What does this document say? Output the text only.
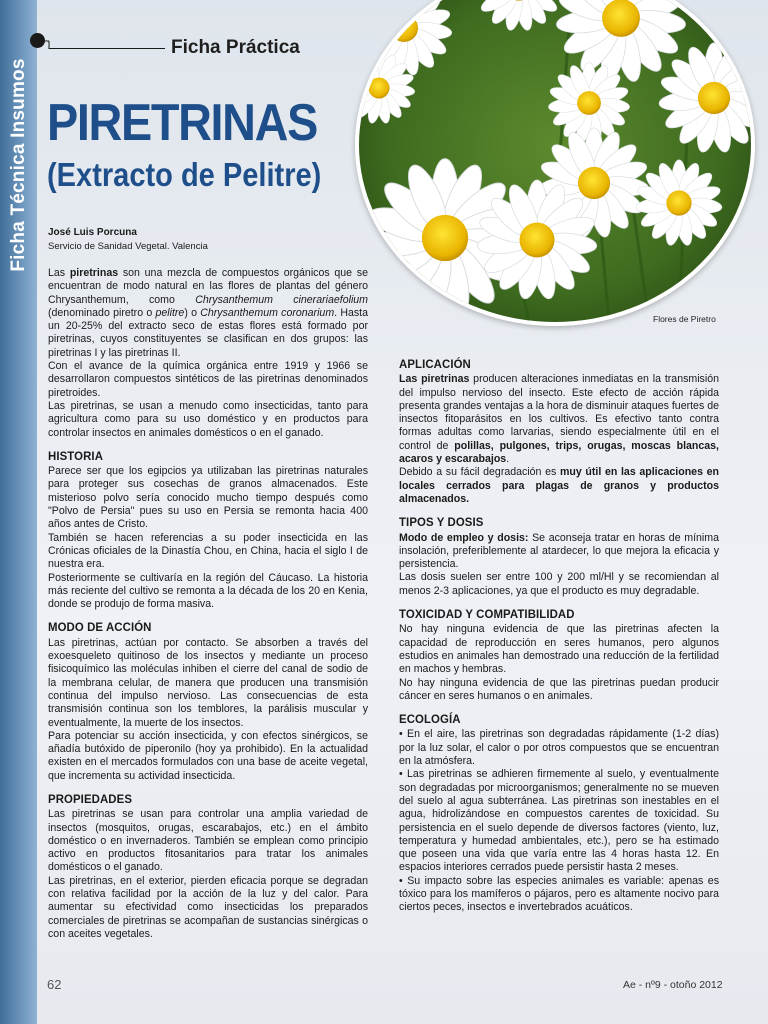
Ficha Técnica Insumos
Ficha Práctica
PIRETRINAS
(Extracto de Pelitre)
José Luis Porcuna
Servicio de Sanidad Vegetal. Valencia
Flores de Piretro

Las piretrinas son una mezcla de compuestos orgánicos que se encuentran de modo natural en las flores de plantas del género Chrysanthemum, como Chrysanthemum cinerariaefolium (denominado piretro o pelitre) o Chrysanthemum coronarium. Hasta un 20-25% del extracto seco de estas flores está formado por piretrinas, cuyos constituyentes se clasifican en dos grupos: las piretrinas I y las piretrinas II.

Con el avance de la química orgánica entre 1919 y 1966 se desarrollaron compuestos sintéticos de las piretrinas denominados piretroides.

Las piretrinas, se usan a menudo como insecticidas, tanto para agricultura como para su uso doméstico y en productos para controlar insectos en animales domésticos o en el ganado.

HISTORIA

Parece ser que los egipcios ya utilizaban las piretrinas naturales para proteger sus cosechas de granos almacenados. Este misterioso polvo sería conocido mucho tiempo después como "Polvo de Persia" pues su uso en Persia se remonta hacia 400 años antes de Cristo.

También se hacen referencias a su poder insecticida en las Crónicas oficiales de la Dinastía Chou, en China, hacia el siglo I de nuestra era.

Posteriormente se cultivaría en la región del Cáucaso. La historia más reciente del cultivo se remonta a la década de los 20 en Kenia, donde se produjo de forma masiva.

MODO DE ACCIÓN

Las piretrinas, actúan por contacto. Se absorben a través del exoesqueleto quitinoso de los insectos y mediante un proceso fisicoquímico las moléculas inhiben el cierre del canal de sodio de la membrana celular, de manera que producen una transmisión continua del impulso nervioso. Las consecuencias de esta transmisión continua son los temblores, la parálisis muscular y eventualmente, la muerte de los insectos.

Para potenciar su acción insecticida, y con efectos sinérgicos, se añadía butóxido de piperonilo (hoy ya prohibido). En la actualidad existen en el mercados formulados con una base de aceite vegetal, que incrementa su actividad insecticida.

PROPIEDADES

Las piretrinas se usan para controlar una amplia variedad de insectos (mosquitos, orugas, escarabajos, etc.) en el ámbito doméstico o en invernaderos. También se emplean como principio activo en productos fitosanitarios para tratar los animales domésticos o el ganado.

Las piretrinas, en el exterior, pierden eficacia porque se degradan con relativa facilidad por la acción de la luz y del calor. Para aumentar su efectividad como insecticidas los preparados comerciales de piretrinas se acompañan de sustancias sinérgicas o con aceites vegetales.

APLICACIÓN

Las piretrinas producen alteraciones inmediatas en la transmisión del impulso nervioso del insecto. Este efecto de acción rápida presenta grandes ventajas a la hora de disminuir ataques fuertes de insectos fitoparásitos en los cultivos. Es efectivo tanto contra formas adultas como larvarias, siendo especialmente útil en el control de polillas, pulgones, trips, orugas, moscas blancas, acaros y escarabajos.

Debido a su fácil degradación es muy útil en las aplicaciones en locales cerrados para plagas de granos y productos almacenados.

TIPOS Y DOSIS

Modo de empleo y dosis: Se aconseja tratar en horas de mínima insolación, preferiblemente al atardecer, lo que mejora la eficacia y persistencia.

Las dosis suelen ser entre 100 y 200 ml/Hl y se recomiendan al menos 2-3 aplicaciones, ya que el producto es muy degradable.

TOXICIDAD Y COMPATIBILIDAD

No hay ninguna evidencia de que las piretrinas afecten la capacidad de reproducción en seres humanos, pero algunos estudios en animales han demostrado una reducción de la fertilidad en machos y hembras.

No hay ninguna evidencia de que las piretrinas puedan producir cáncer en seres humanos o en animales.

ECOLOGÍA

• En el aire, las piretrinas son degradadas rápidamente (1-2 días) por la luz solar, el calor o por otros compuestos que se encuentran en la atmósfera.

• Las piretrinas se adhieren firmemente al suelo, y eventualmente son degradadas por microorganismos; generalmente no se mueven del suelo al agua subterránea. Las piretrinas son inestables en el agua, hidrolizándose en compuestos carentes de toxicidad. Su persistencia en el suelo depende de diversos factores (viento, luz, temperatura y humedad ambientales, etc.), pero se ha estimado que poseen una vida que varía entre las 4 horas hasta 12. En espacios interiores cerrados puede persistir hasta 2 meses.

• Su impacto sobre las especies animales es variable: apenas es tóxico para los mamíferos o pájaros, pero es altamente nocivo para ciertos peces, insectos e invertebrados acuáticos.

62	Ae - nº9 - otoño 2012
